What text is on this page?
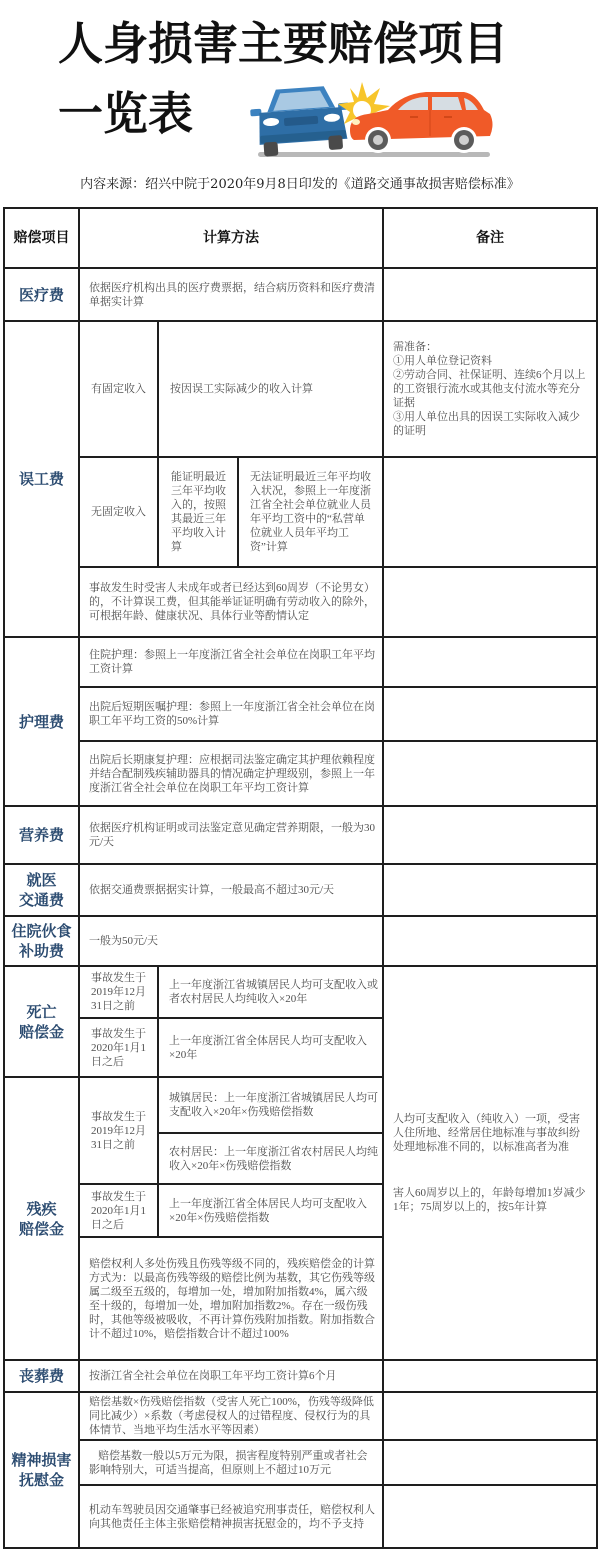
人身损害主要赔偿项目
一览表
内容来源：绍兴中院于2020年9月8日印发的《道路交通事故损害赔偿标准》
赔偿项目	计算方法	备注
医疗费 依据医疗机构出具的医疗费票据，结合病历资料和医疗费清单据实计算
误工费
有固定收入 按因误工实际减少的收入计算
需准备：
①用人单位登记资料
②劳动合同、社保证明、连续6个月以上的工资银行流水或其他支付流水等充分证据
③用人单位出具的因误工实际收入减少的证明
无固定收入
能证明最近三年平均收入的，按照其最近三年平均收入计算
无法证明最近三年平均收入状况，参照上一年度浙江省全社会单位就业人员年平均工资中的“私营单位就业人员年平均工资”计算
事故发生时受害人未成年或者已经达到60周岁（不论男女）的，不计算误工费，但其能举证证明确有劳动收入的除外，可根据年龄、健康状况、具体行业等酌情认定
护理费
住院护理：参照上一年度浙江省全社会单位在岗职工年平均工资计算
出院后短期医嘱护理：参照上一年度浙江省全社会单位在岗职工年平均工资的50%计算
出院后长期康复护理：应根据司法鉴定确定其护理依赖程度并结合配制残疾辅助器具的情况确定护理级别，参照上一年度浙江省全社会单位在岗职工年平均工资计算
营养费 依据医疗机构证明或司法鉴定意见确定营养期限，一般为30元/天
就医
交通费
依据交通费票据据实计算，一般最高不超过30元/天
住院伙食
补助费
一般为50元/天
死亡
赔偿金
事故发生于2019年12月31日之前
上一年度浙江省城镇居民人均可支配收入或者农村居民人均纯收入×20年
事故发生于2020年1月1日之后
上一年度浙江省全体居民人均可支配收入×20年
人均可支配收入（纯收入）一项，受害人住所地、经常居住地标准与事故纠纷处理地标准不同的，以标准高者为准
害人60周岁以上的，年龄每增加1岁减少1年；75周岁以上的，按5年计算
残疾
赔偿金
事故发生于2019年12月31日之前
城镇居民：上一年度浙江省城镇居民人均可支配收入×20年×伤残赔偿指数
农村居民：上一年度浙江省农村居民人均纯收入×20年×伤残赔偿指数
事故发生于2020年1月1日之后
上一年度浙江省全体居民人均可支配收入×20年×伤残赔偿指数
赔偿权利人多处伤残且伤残等级不同的，残疾赔偿金的计算方式为：以最高伤残等级的赔偿比例为基数，其它伤残等级属二级至五级的，每增加一处，增加附加指数4%，属六级至十级的，每增加一处，增加附加指数2%。存在一级伤残时，其他等级被吸收，不再计算伤残附加指数。附加指数合计不超过10%，赔偿指数合计不超过100%
丧葬费 按浙江省全社会单位在岗职工年平均工资计算6个月
精神损害
抚慰金
赔偿基数×伤残赔偿指数（受害人死亡100%，伤残等级降低同比减少）×系数（考虑侵权人的过错程度、侵权行为的具体情节、当地平均生活水平等因素）
赔偿基数一般以5万元为限，损害程度特别严重或者社会影响特别大，可适当提高，但原则上不超过10万元
机动车驾驶员因交通肇事已经被追究刑事责任，赔偿权利人向其他责任主体主张赔偿精神损害抚慰金的，均不予支持
